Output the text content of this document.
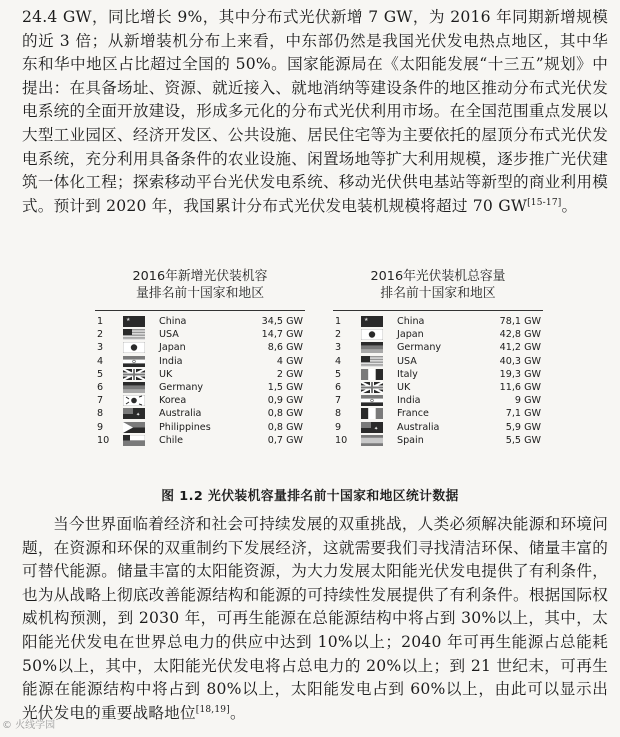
24.4 GW，同比增长 9%，其中分布式光伏新增 7 GW，为 2016 年同期新增规模的近 3 倍；从新增装机分布上来看，中东部仍然是我国光伏发电热点地区，其中华东和华中地区占比超过全国的 50%。国家能源局在《太阳能发展“十三五”规划》中提出：在具备场址、资源、就近接入、就地消纳等建设条件的地区推动分布式光伏发电系统的全面开放建设，形成多元化的分布式光伏利用市场。在全国范围重点发展以大型工业园区、经济开发区、公共设施、居民住宅等为主要依托的屋顶分布式光伏发电系统，充分利用具备条件的农业设施、闲置场地等扩大利用规模，逐步推广光伏建筑一体化工程；探索移动平台光伏发电系统、移动光伏供电基站等新型的商业利用模式。预计到 2020 年，我国累计分布式光伏发电装机规模将超过 70 GW[15-17]。
2016年新增光伏装机容
量排名前十国家和地区
1	★	China	34,5 GW
2	USA	14,7 GW
3	Japan	8,6 GW
4	India	4 GW
5	UK	2 GW
6	Germany	1,5 GW
7	Korea	0,9 GW
8	✦ Australia	0,8 GW
9	Philippines	0,8 GW
10	Chile	0,7 GW
2016年光伏装机总容量
排名前十国家和地区
1	★	China	78,1 GW
2	Japan	42,8 GW
3	Germany	41,2 GW
4	USA	40,3 GW
5	Italy	19,3 GW
6	UK	11,6 GW
7	India	9 GW
8	France	7,1 GW
9	✦ Australia	5,9 GW
10	Spain	5,5 GW
图 1.2 光伏装机容量排名前十国家和地区统计数据
当今世界面临着经济和社会可持续发展的双重挑战，人类必须解决能源和环境问题，在资源和环保的双重制约下发展经济，这就需要我们寻找清洁环保、储量丰富的可替代能源。储量丰富的太阳能资源，为大力发展太阳能光伏发电提供了有利条件，也为从战略上彻底改善能源结构和能源的可持续性发展提供了有利条件。根据国际权威机构预测，到 2030 年，可再生能源在总能源结构中将占到 30%以上，其中，太阳能光伏发电在世界总电力的供应中达到 10%以上；2040 年可再生能源占总能耗 50%以上，其中，太阳能光伏发电将占总电力的 20%以上；到 21 世纪末，可再生能源在能源结构中将占到 80%以上，太阳能发电占到 60%以上，由此可以显示出光伏发电的重要战略地位[18,19]。
© 火线学园
